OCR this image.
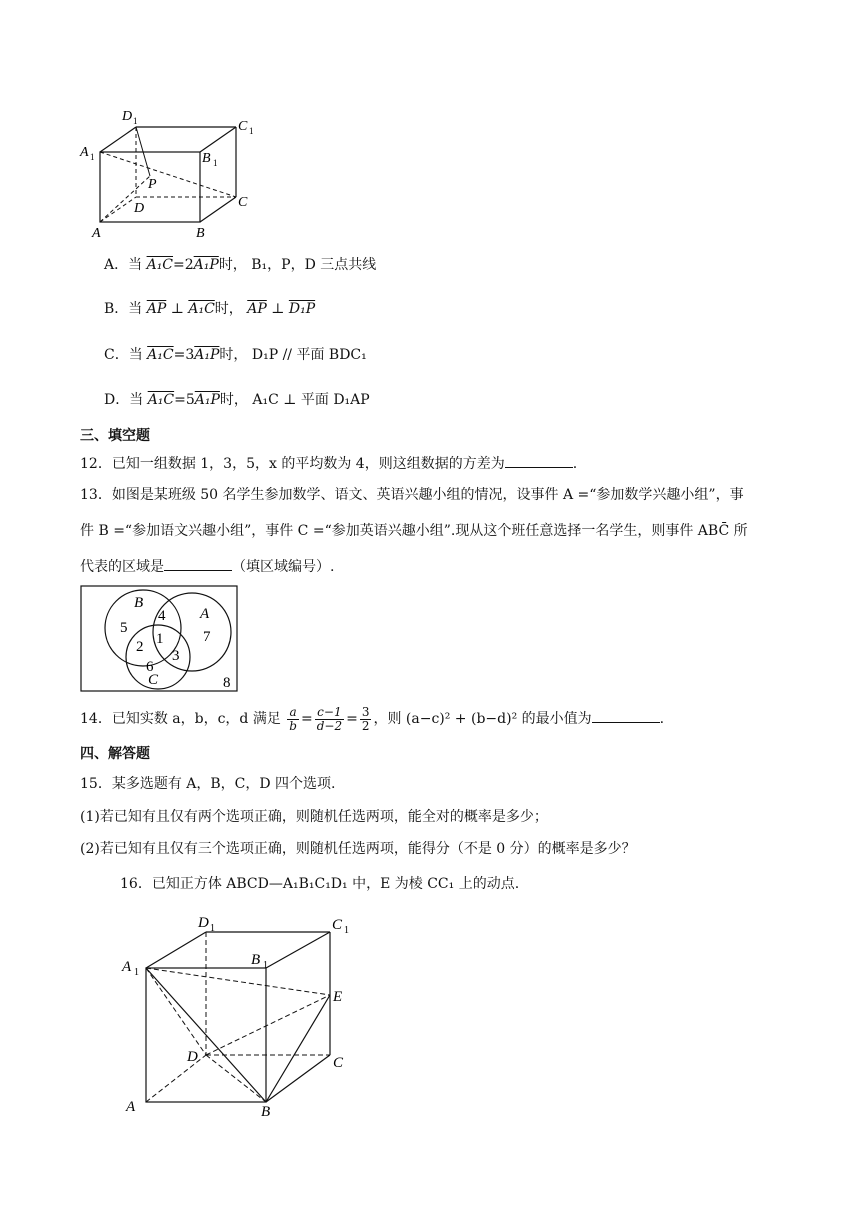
D 1	C 1
A 1	B 1
P
D	C
A	B
A．当 A₁C=2A₁P时， B₁，P，D 三点共线
B．当 $\overline{AP}$ ⊥ A₁C时， $\overline{AP}$ ⊥ D₁P
C．当 A₁C=3A₁P时， D₁P // 平面 BDC₁
D．当 A₁C=5A₁P时， A₁C ⊥ 平面 D₁AP
三、填空题
12．已知一组数据 1，3，5，x 的平均数为 4，则这组数据的方差为	.
13．如图是某班级 50 名学生参加数学、语文、英语兴趣小组的情况，设事件 A =“参加数学兴趣小组”，事
件 B =“参加语文兴趣小组”，事件 C =“参加英语兴趣小组”.现从这个班任意选择一名学生，则事件 ABC̄ 所
代表的区域是	（填区域编号）.
B
A
C
5
4
7
1
2
3
6
8
14．已知实数 a，b，c，d 满足 $\frac{a}{b} = \frac{c-1}{d-2} = \frac{3}{2}$ ，则 (a−c)² + (b−d)² 的最小值为	.
四、解答题
15．某多选题有 A，B，C，D 四个选项.
(1)若已知有且仅有两个选项正确，则随机任选两项，能全对的概率是多少；
(2)若已知有且仅有三个选项正确，则随机任选两项，能得分（不是 0 分）的概率是多少？
16．已知正方体 ABCD—A₁B₁C₁D₁ 中，E 为棱 CC₁ 上的动点.
D 1	C 1
A 1
B 1
E
D	C
A	B
